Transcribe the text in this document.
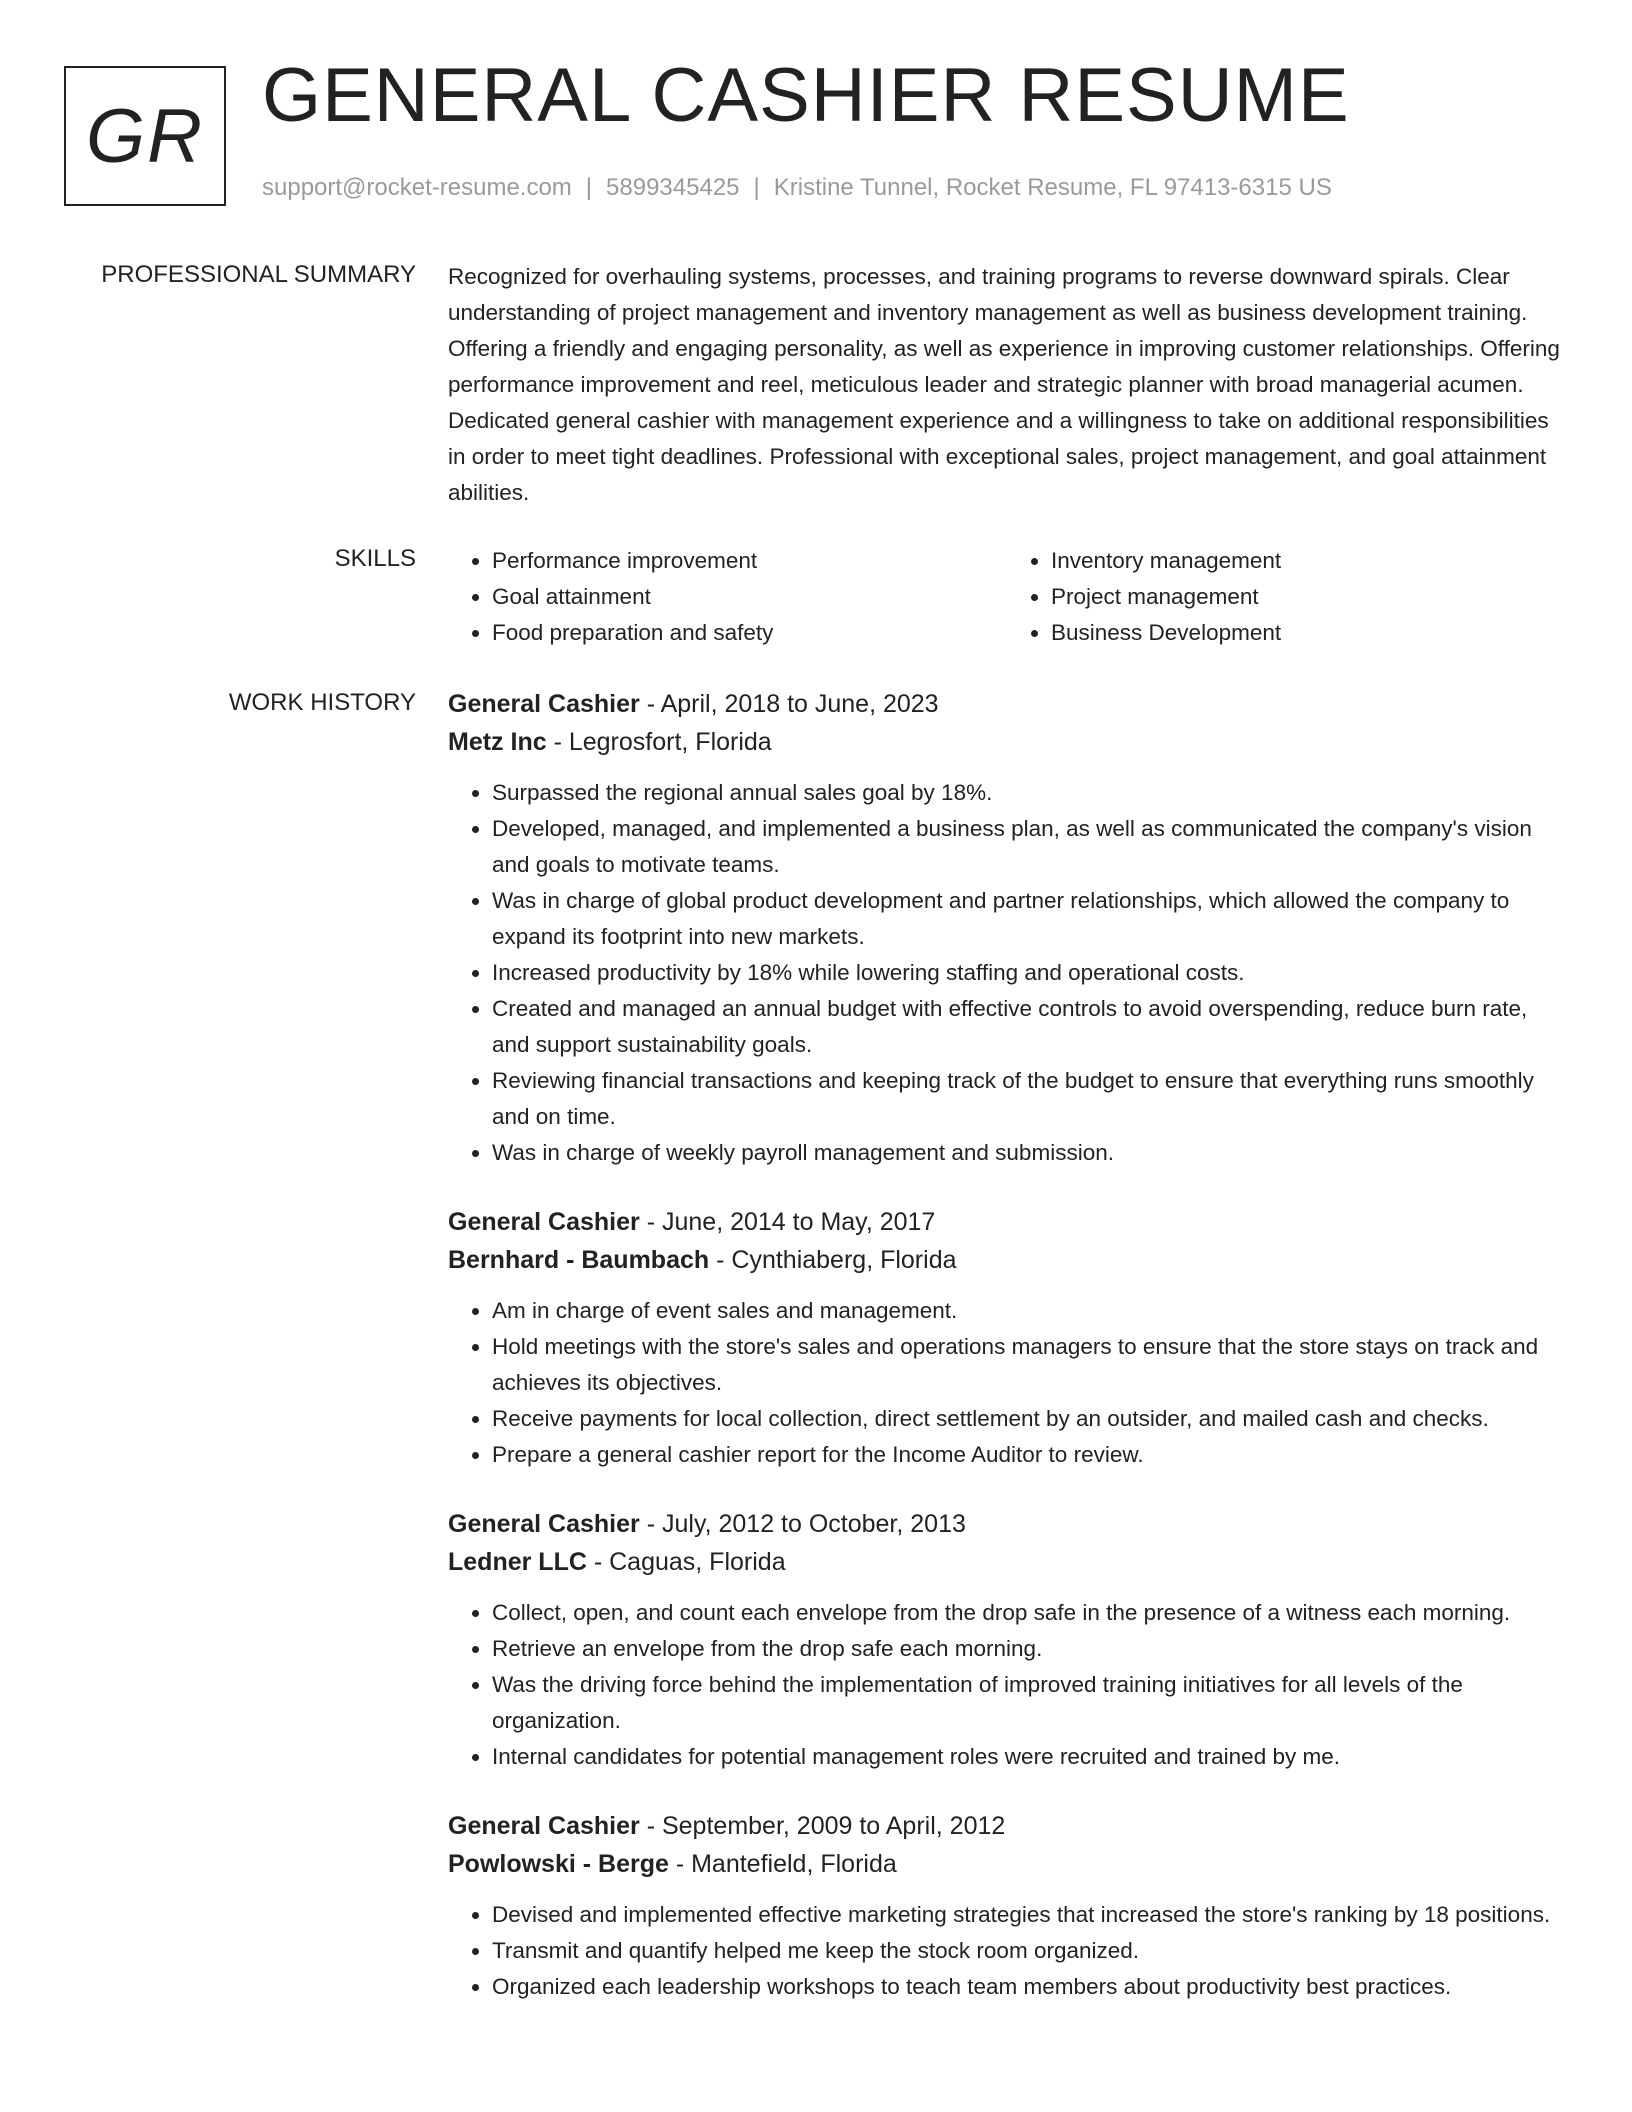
GR GENERAL CASHIER RESUME
support@rocket-resume.com | 5899345425 | Kristine Tunnel, Rocket Resume, FL 97413-6315 US
PROFESSIONAL SUMMARY Recognized for overhauling systems, processes, and training programs to reverse downward spirals. Clear understanding of project management and inventory management as well as business development training. Offering a friendly and engaging personality, as well as experience in improving customer relationships. Offering performance improvement and reel, meticulous leader and strategic planner with broad managerial acumen. Dedicated general cashier with management experience and a willingness to take on additional responsibilities in order to meet tight deadlines. Professional with exceptional sales, project management, and goal attainment abilities.

SKILLS
•	Performance improvement
• Goal attainment
• Food preparation and safety
• Inventory management
• Project management
• Business Development
WORK HISTORY General Cashier - April, 2018 to June, 2023
Metz Inc - Legrosfort, Florida
• Surpassed the regional annual sales goal by 18%.
• Developed, managed, and implemented a business plan, as well as communicated the company's vision and goals to motivate teams.
• Was in charge of global product development and partner relationships, which allowed the company to expand its footprint into new markets.
• Increased productivity by 18% while lowering staffing and operational costs.
• Created and managed an annual budget with effective controls to avoid overspending, reduce burn rate, and support sustainability goals.
• Reviewing financial transactions and keeping track of the budget to ensure that everything runs smoothly and on time.
• Was in charge of weekly payroll management and submission.
General Cashier - June, 2014 to May, 2017
Bernhard - Baumbach - Cynthiaberg, Florida
• Am in charge of event sales and management.
• Hold meetings with the store's sales and operations managers to ensure that the store stays on track and achieves its objectives.
• Receive payments for local collection, direct settlement by an outsider, and mailed cash and checks.
• Prepare a general cashier report for the Income Auditor to review.
General Cashier - July, 2012 to October, 2013
Ledner LLC - Caguas, Florida
• Collect, open, and count each envelope from the drop safe in the presence of a witness each morning.
• Retrieve an envelope from the drop safe each morning.
• Was the driving force behind the implementation of improved training initiatives for all levels of the organization.
• Internal candidates for potential management roles were recruited and trained by me.
General Cashier - September, 2009 to April, 2012
Powlowski - Berge - Mantefield, Florida
• Devised and implemented effective marketing strategies that increased the store's ranking by 18 positions.
• Transmit and quantify helped me keep the stock room organized.
• Organized each leadership workshops to teach team members about productivity best practices.
